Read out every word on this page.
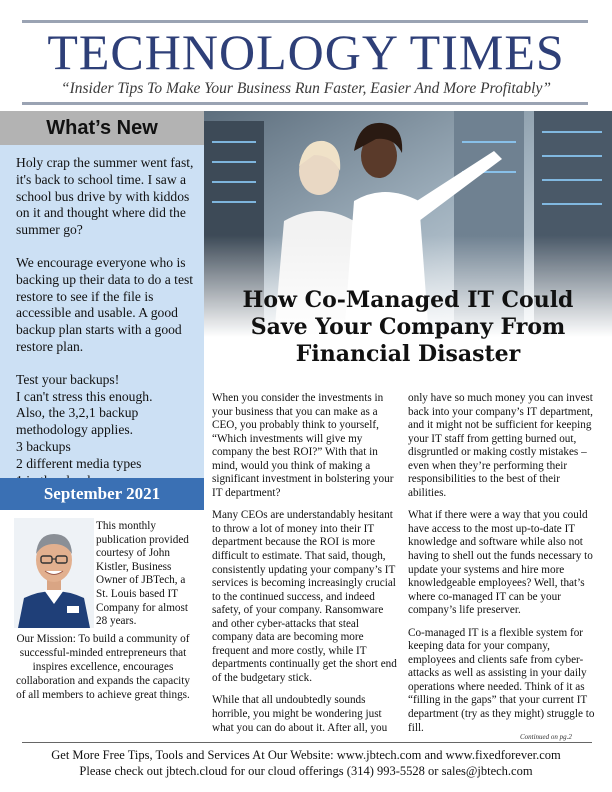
TECHNOLOGY TIMES
“Insider Tips To Make Your Business Run Faster, Easier And More Profitably”
What’s New

Holy crap the summer went fast, it's back to school time. I saw a school bus drive by with kiddos on it and thought where did the summer go?

We encourage everyone who is backing up their data to do a test restore to see if the file is accessible and usable. A good backup plan starts with a good restore plan.

Test your backups!
I can't stress this enough.
Also, the 3,2,1 backup methodology applies.
3 backups
2 different media types
September 2021
This monthly publication provided courtesy of John Kistler, Business Owner of JBTech, a St. Louis based IT Company for almost 28 years.
Our Mission: To build a community of successful-minded entrepreneurs that inspires excellence, encourages collaboration and expands the capacity of all members to achieve great things.
How Co-Managed IT Could Save Your Company From Financial Disaster

When you consider the investments in your business that you can make as a CEO, you probably think to yourself, “Which investments will give my company the best ROI?” With that in mind, would you think of making a significant investment in bolstering your IT department?

Many CEOs are understandably hesitant to throw a lot of money into their IT department because the ROI is more difficult to estimate. That said, though, consistently updating your company’s IT services is becoming increasingly crucial to the continued success, and indeed safety, of your company. Ransomware and other cyber-attacks that steal company data are becoming more frequent and more costly, while IT departments continually get the short end of the budgetary stick.

While that all undoubtedly sounds horrible, you might be wondering just what you can do about it. After all, you

only have so much money you can invest back into your company’s IT department, and it might not be sufficient for keeping your IT staff from getting burned out, disgruntled or making costly mistakes – even when they’re performing their responsibilities to the best of their abilities.

What if there were a way that you could have access to the most up-to-date IT knowledge and software while also not having to shell out the funds necessary to update your systems and hire more knowledgeable employees? Well, that’s where co-managed IT can be your company’s life preserver.

Co-managed IT is a flexible system for keeping data for your company, employees and clients safe from cyber-attacks as well as assisting in your daily operations where needed. Think of it as “filling in the gaps” that your current IT department (try as they might) struggle to fill.

Continued on pg.2
Get More Free Tips, Tools and Services At Our Website: www.jbtech.com and www.fixedforever.com
Please check out jbtech.cloud for our cloud offerings (314) 993-5528 or sales@jbtech.com
